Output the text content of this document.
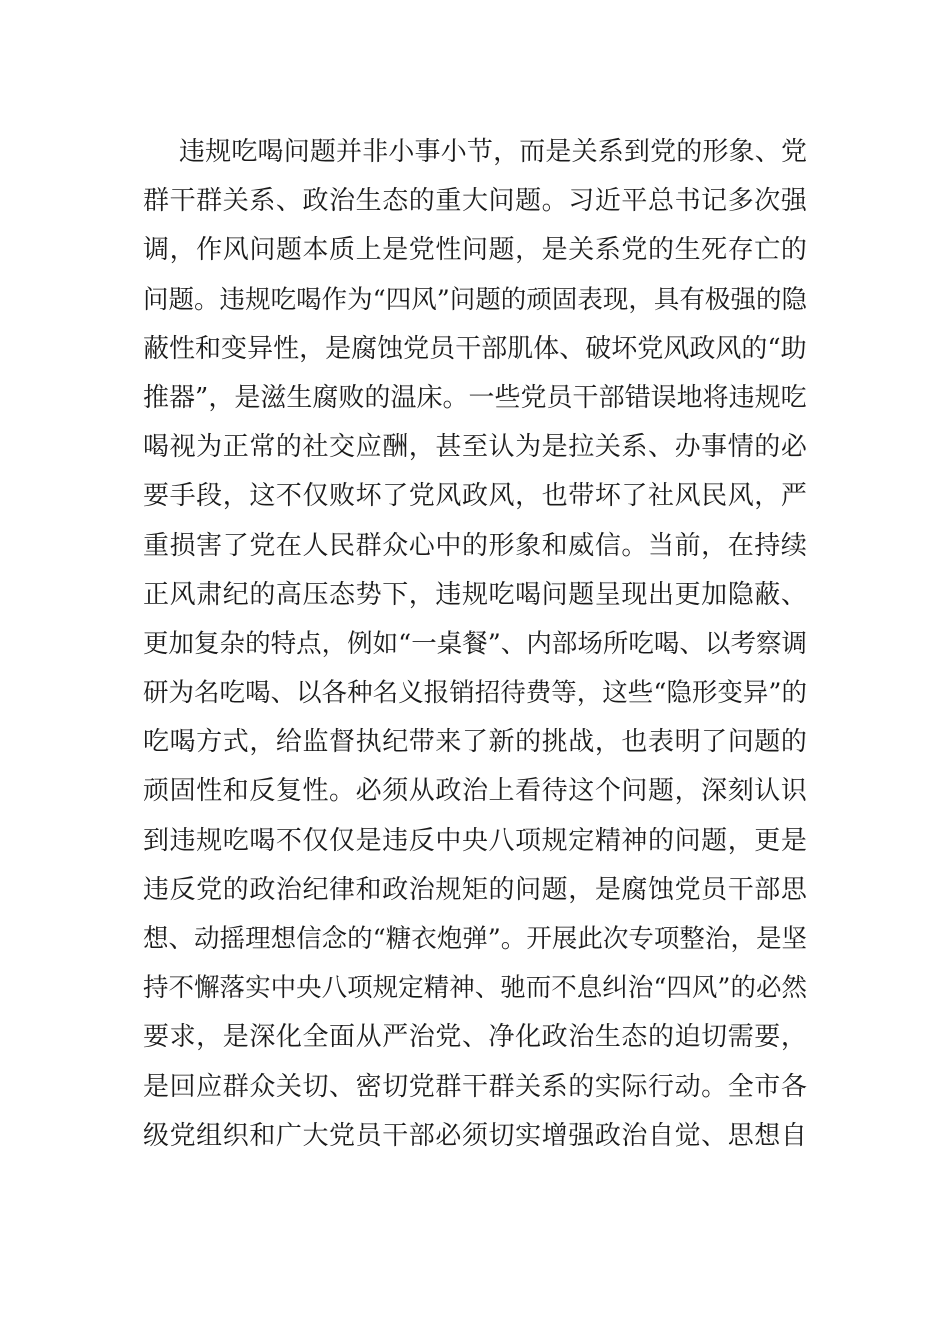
违 规 吃 喝 问 题 并 非 小 事 小 节 ， 而 是 关 系 到 党 的 形 象 、 党
群 干 群 关 系 、 政 治 生 态 的 重 大 问 题 。 习 近 平 总 书 记 多 次 强
调 ， 作 风 问 题 本 质 上 是 党 性 问 题 ， 是 关 系 党 的 生 死 存 亡 的
问 题 。 违 规 吃 喝 作 为 “ 四 风 ” 问 题 的 顽 固 表 现 ， 具 有 极 强 的 隐
蔽 性 和 变 异 性 ， 是 腐 蚀 党 员 干 部 肌 体 、 破 坏 党 风 政 风 的 “ 助
推 器 ” ， 是 滋 生 腐 败 的 温 床 。 一 些 党 员 干 部 错 误 地 将 违 规 吃
喝 视 为 正 常 的 社 交 应 酬 ， 甚 至 认 为 是 拉 关 系 、 办 事 情 的 必
要 手 段 ， 这 不 仅 败 坏 了 党 风 政 风 ， 也 带 坏 了 社 风 民 风 ， 严
重 损 害 了 党 在 人 民 群 众 心 中 的 形 象 和 威 信 。 当 前 ， 在 持 续
正 风 肃 纪 的 高 压 态 势 下 ， 违 规 吃 喝 问 题 呈 现 出 更 加 隐 蔽 、
更 加 复 杂 的 特 点 ， 例 如 “ 一 桌 餐 ” 、 内 部 场 所 吃 喝 、 以 考 察 调
研 为 名 吃 喝 、 以 各 种 名 义 报 销 招 待 费 等 ， 这 些 “ 隐 形 变 异 ” 的
吃 喝 方 式 ， 给 监 督 执 纪 带 来 了 新 的 挑 战 ， 也 表 明 了 问 题 的
顽 固 性 和 反 复 性 。 必 须 从 政 治 上 看 待 这 个 问 题 ， 深 刻 认 识
到 违 规 吃 喝 不 仅 仅 是 违 反 中 央 八 项 规 定 精 神 的 问 题 ， 更 是
违 反 党 的 政 治 纪 律 和 政 治 规 矩 的 问 题 ， 是 腐 蚀 党 员 干 部 思
想 、 动 摇 理 想 信 念 的 “ 糖 衣 炮 弹 ” 。 开 展 此 次 专 项 整 治 ， 是 坚
持 不 懈 落 实 中 央 八 项 规 定 精 神 、 驰 而 不 息 纠 治 “ 四 风 ” 的 必 然
要 求 ， 是 深 化 全 面 从 严 治 党 、 净 化 政 治 生 态 的 迫 切 需 要 ，
是 回 应 群 众 关 切 、 密 切 党 群 干 群 关 系 的 实 际 行 动 。 全 市 各
级 党 组 织 和 广 大 党 员 干 部 必 须 切 实 增 强 政 治 自 觉 、 思 想 自
